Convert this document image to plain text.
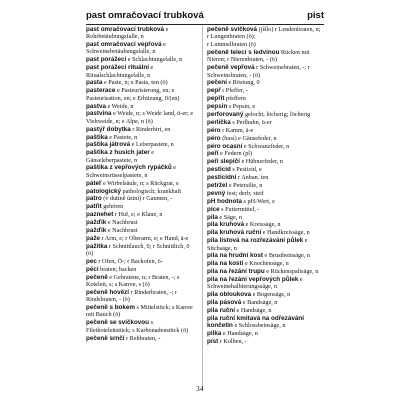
past omračovací trubková	pist
past omračovací trubková e Rohrbetäubungsfalle, n
past omračovací vepřová e Schweinebetäubungsfalle, n
past porážecí e Schlachtungsfalle, n
past porážecí rituální e Ritualschlachtungsfalle, n
pasta e Paste, n; e Pasta, ten (ö)
pasterace e Pasteurisierung, en; e Pasteurisation, en; e Erhitzung, 0/(en)
pastva e Weide, n
pastvina e Weide, n; s Weide land, ü-er; e Viehweide, n; e Alpe, n (ö)
pastýř dobytka r Rinderhirt, en
paštika e Pastete, n
paštika játrová e Leberpastete, n
paštika z husích jater e Gänseleberpastete, n
paštika z vepřových rypáčků e Schweinsrüsselpastete, n
páteř e Wirbelsäule, n; s Rückgrat, e
patologický pathologisch; krankhaft
patro (v dutině ústní) r Gaumen, -
patřit gehören
paznehet r Huf, e; e Klaue, n
pažďík e Nachbrust
pažďík e Nachbrust
paže r Arm, e; r Oberarm, e; e Hand, ä-e
pažitka r Schnittlauch, 0; r Schnittlich, 0 (ö)
pec r Ofen, Ö-; r Backofen, ö-
péci braten; backen
pečeně e Gebratene, n; r Braten, -; s Kotelett, s; s Karree, s (ö)
pečeně hovězí r Rinderbraten, -; r Rindsbraten, - (ö)
pečeně s bokem s Mittelstück; s Karree mit Bauch (ö)
pečeně se svíčkovou s Filetkotelettstück; s Karbonadenstück (ö)
pečeně srnčí r Rehbraten, -
pečeně svíčková (jíšlo) r Lendenbraten, n; r Lungenbraten (ö);
r Lummelbraten (ö)
pečeně telecí s ledvinou Rücken mit Nieren; r Nierenbraten, - (ö)
pečeně vepřová r Schweinebraten, -; r Schweinsbraten, - (ö)
pečení e Röstung, 0
pepř r Pfeffer, -
pepřit pfeffern
pepsin s Pepsin, e
perforovaný gelocht; löcherig; löcherig
perlička s Perlhuhn, ü-er
péro r Kamm, ä-e
péro (husí) e Gänsefeder, n
péro ocasní e Schwanzfeder, n
peří e Federn (pl)
peří slepičí e Hühnerfeder, n
pesticid s Pestizid, e
pesticidní r Anban. ten
petržel e Petersilie, n
pevný fest; derb; steif
pH hodnota s pH-Wert, e
píce s Futtermittel, -
pila e Säge, n
pila kruhová e Kreissäge, n
pila kruhová ruční e Handkreissäge, n
pila listová na rozřezávání půlek e Stichsäge, n
pila na hrudní kost e Brustbeinsäge, n
pila na kosti e Knochensäge, n
pila na řezání trupu e Rückenspaltsäge, n
pila na řezání vepřových půlek e Schweinehalbierungssäge, n
pila obloukova e Bogensäge, n
pila pásová e Bandsäge, n
pila ruční e Handsäge, n
pila ruční kmitavá na odřezávání končetin e Schlossbeinsäge, n
pilka e Handsäge, n
píst r Kolben, -
34
